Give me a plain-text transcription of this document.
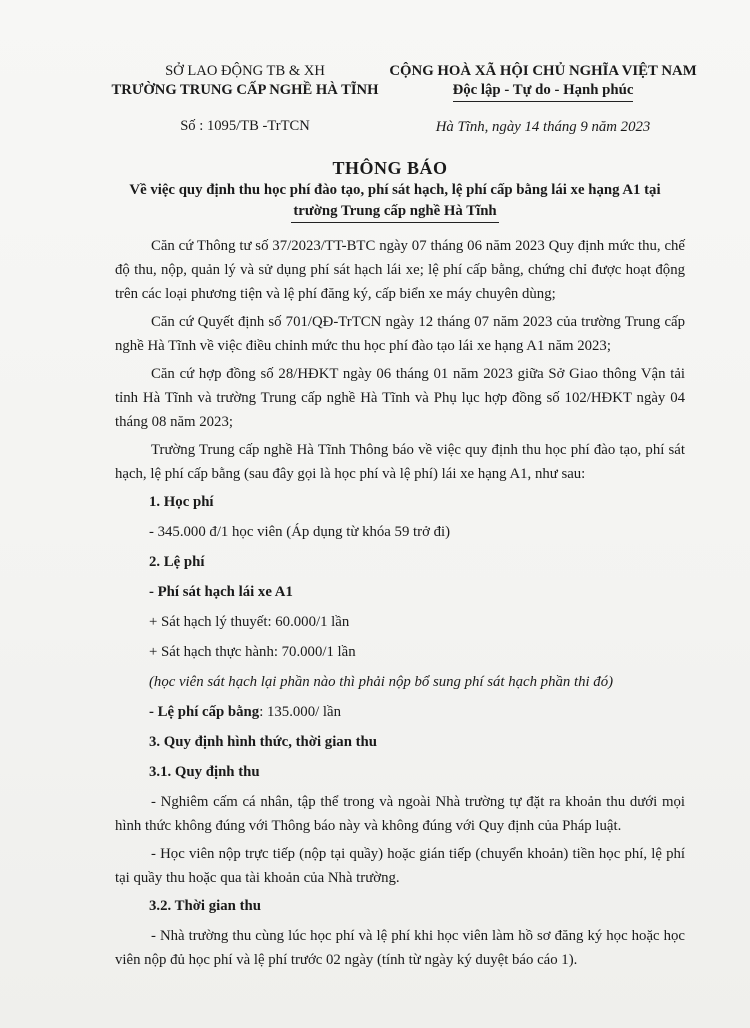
SỞ LAO ĐỘNG TB & XH
TRƯỜNG TRUNG CẤP NGHỀ HÀ TĨNH
Số : 1095/TB -TrTCN
CỘNG HOÀ XÃ HỘI CHỦ NGHĨA VIỆT NAM
Độc lập - Tự do - Hạnh phúc
Hà Tĩnh, ngày 14 tháng 9 năm 2023
THÔNG BÁO
Về việc quy định thu học phí đào tạo, phí sát hạch, lệ phí cấp bằng lái xe hạng A1 tại
trường Trung cấp nghề Hà Tĩnh

Căn cứ Thông tư số 37/2023/TT-BTC ngày 07 tháng 06 năm 2023 Quy định mức thu, chế độ thu, nộp, quản lý và sử dụng phí sát hạch lái xe; lệ phí cấp bằng, chứng chỉ được hoạt động trên các loại phương tiện và lệ phí đăng ký, cấp biển xe máy chuyên dùng;

Căn cứ Quyết định số 701/QĐ-TrTCN ngày 12 tháng 07 năm 2023 của trường Trung cấp nghề Hà Tĩnh về việc điều chỉnh mức thu học phí đào tạo lái xe hạng A1 năm 2023;

Căn cứ hợp đồng số 28/HĐKT ngày 06 tháng 01 năm 2023 giữa Sở Giao thông Vận tải tỉnh Hà Tĩnh và trường Trung cấp nghề Hà Tĩnh và Phụ lục hợp đồng số 102/HĐKT ngày 04 tháng 08 năm 2023;

Trường Trung cấp nghề Hà Tĩnh Thông báo về việc quy định thu học phí đào tạo, phí sát hạch, lệ phí cấp bằng (sau đây gọi là học phí và lệ phí) lái xe hạng A1, như sau:

1. Học phí
- 345.000 đ/1 học viên (Áp dụng từ khóa 59 trở đi)
2. Lệ phí
- Phí sát hạch lái xe A1
+ Sát hạch lý thuyết: 60.000/1 lần
+ Sát hạch thực hành: 70.000/1 lần
(học viên sát hạch lại phần nào thì phải nộp bổ sung phí sát hạch phần thi đó)
- Lệ phí cấp bằng: 135.000/ lần
3. Quy định hình thức, thời gian thu
3.1. Quy định thu

- Nghiêm cấm cá nhân, tập thể trong và ngoài Nhà trường tự đặt ra khoản thu dưới mọi hình thức không đúng với Thông báo này và không đúng với Quy định của Pháp luật.

- Học viên nộp trực tiếp (nộp tại quầy) hoặc gián tiếp (chuyển khoản) tiền học phí, lệ phí tại quầy thu hoặc qua tài khoản của Nhà trường.

3.2. Thời gian thu

- Nhà trường thu cùng lúc học phí và lệ phí khi học viên làm hồ sơ đăng ký học hoặc học viên nộp đủ học phí và lệ phí trước 02 ngày (tính từ ngày ký duyệt báo cáo 1).
